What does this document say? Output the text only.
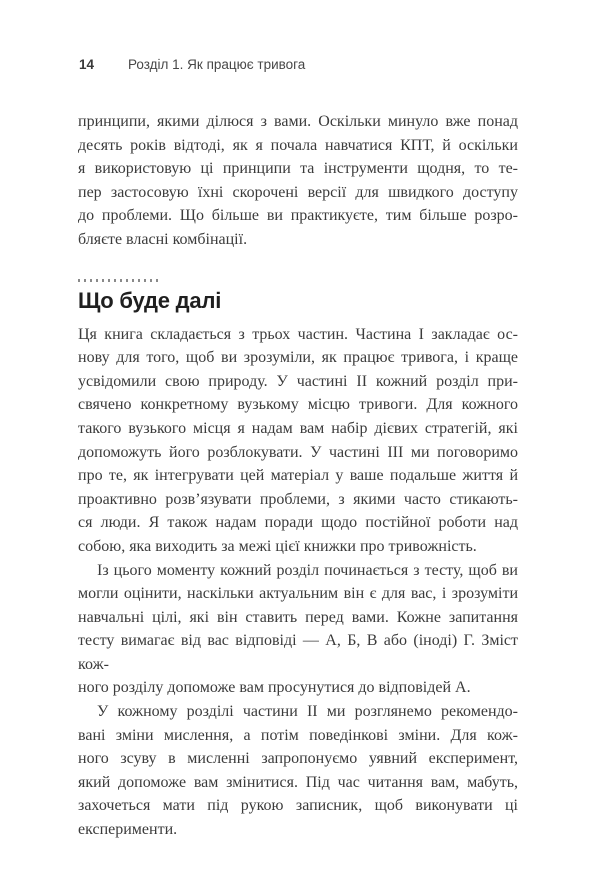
14	Розділ 1. Як працює тривога
принципи, якими ділюся з вами. Оскільки минуло вже понад
десять років відтоді, як я почала навчатися КПТ, й оскільки
я використовую ці принципи та інструменти щодня, то те-
пер застосовую їхні скорочені версії для швидкого доступу
до проблеми. Що більше ви практикуєте, тим більше розро-
бляєте власні комбінації.
Що буде далі
Ця книга складається з трьох частин. Частина I закладає ос-
нову для того, щоб ви зрозуміли, як працює тривога, і краще
усвідомили свою природу. У частині II кожний розділ при-
свячено конкретному вузькому місцю тривоги. Для кожного
такого вузького місця я надам вам набір дієвих стратегій, які
допоможуть його розблокувати. У частині III ми поговоримо
про те, як інтегрувати цей матеріал у ваше подальше життя й
проактивно розв’язувати проблеми, з якими часто стикають-
ся люди. Я також надам поради щодо постійної роботи над
собою, яка виходить за межі цієї книжки про тривожність.
Із цього моменту кожний розділ починається з тесту, щоб ви
могли оцінити, наскільки актуальним він є для вас, і зрозуміти
навчальні цілі, які він ставить перед вами. Кожне запитання
тесту вимагає від вас відповіді — А, Б, В або (іноді) Г. Зміст кож-
ного розділу допоможе вам просунутися до відповідей А.
У кожному розділі частини II ми розглянемо рекомендо-
вані зміни мислення, а потім поведінкові зміни. Для кож-
ного зсуву в мисленні запропонуємо уявний експеримент,
який допоможе вам змінитися. Під час читання вам, мабуть,
захочеться мати під рукою записник, щоб виконувати ці
експерименти.
